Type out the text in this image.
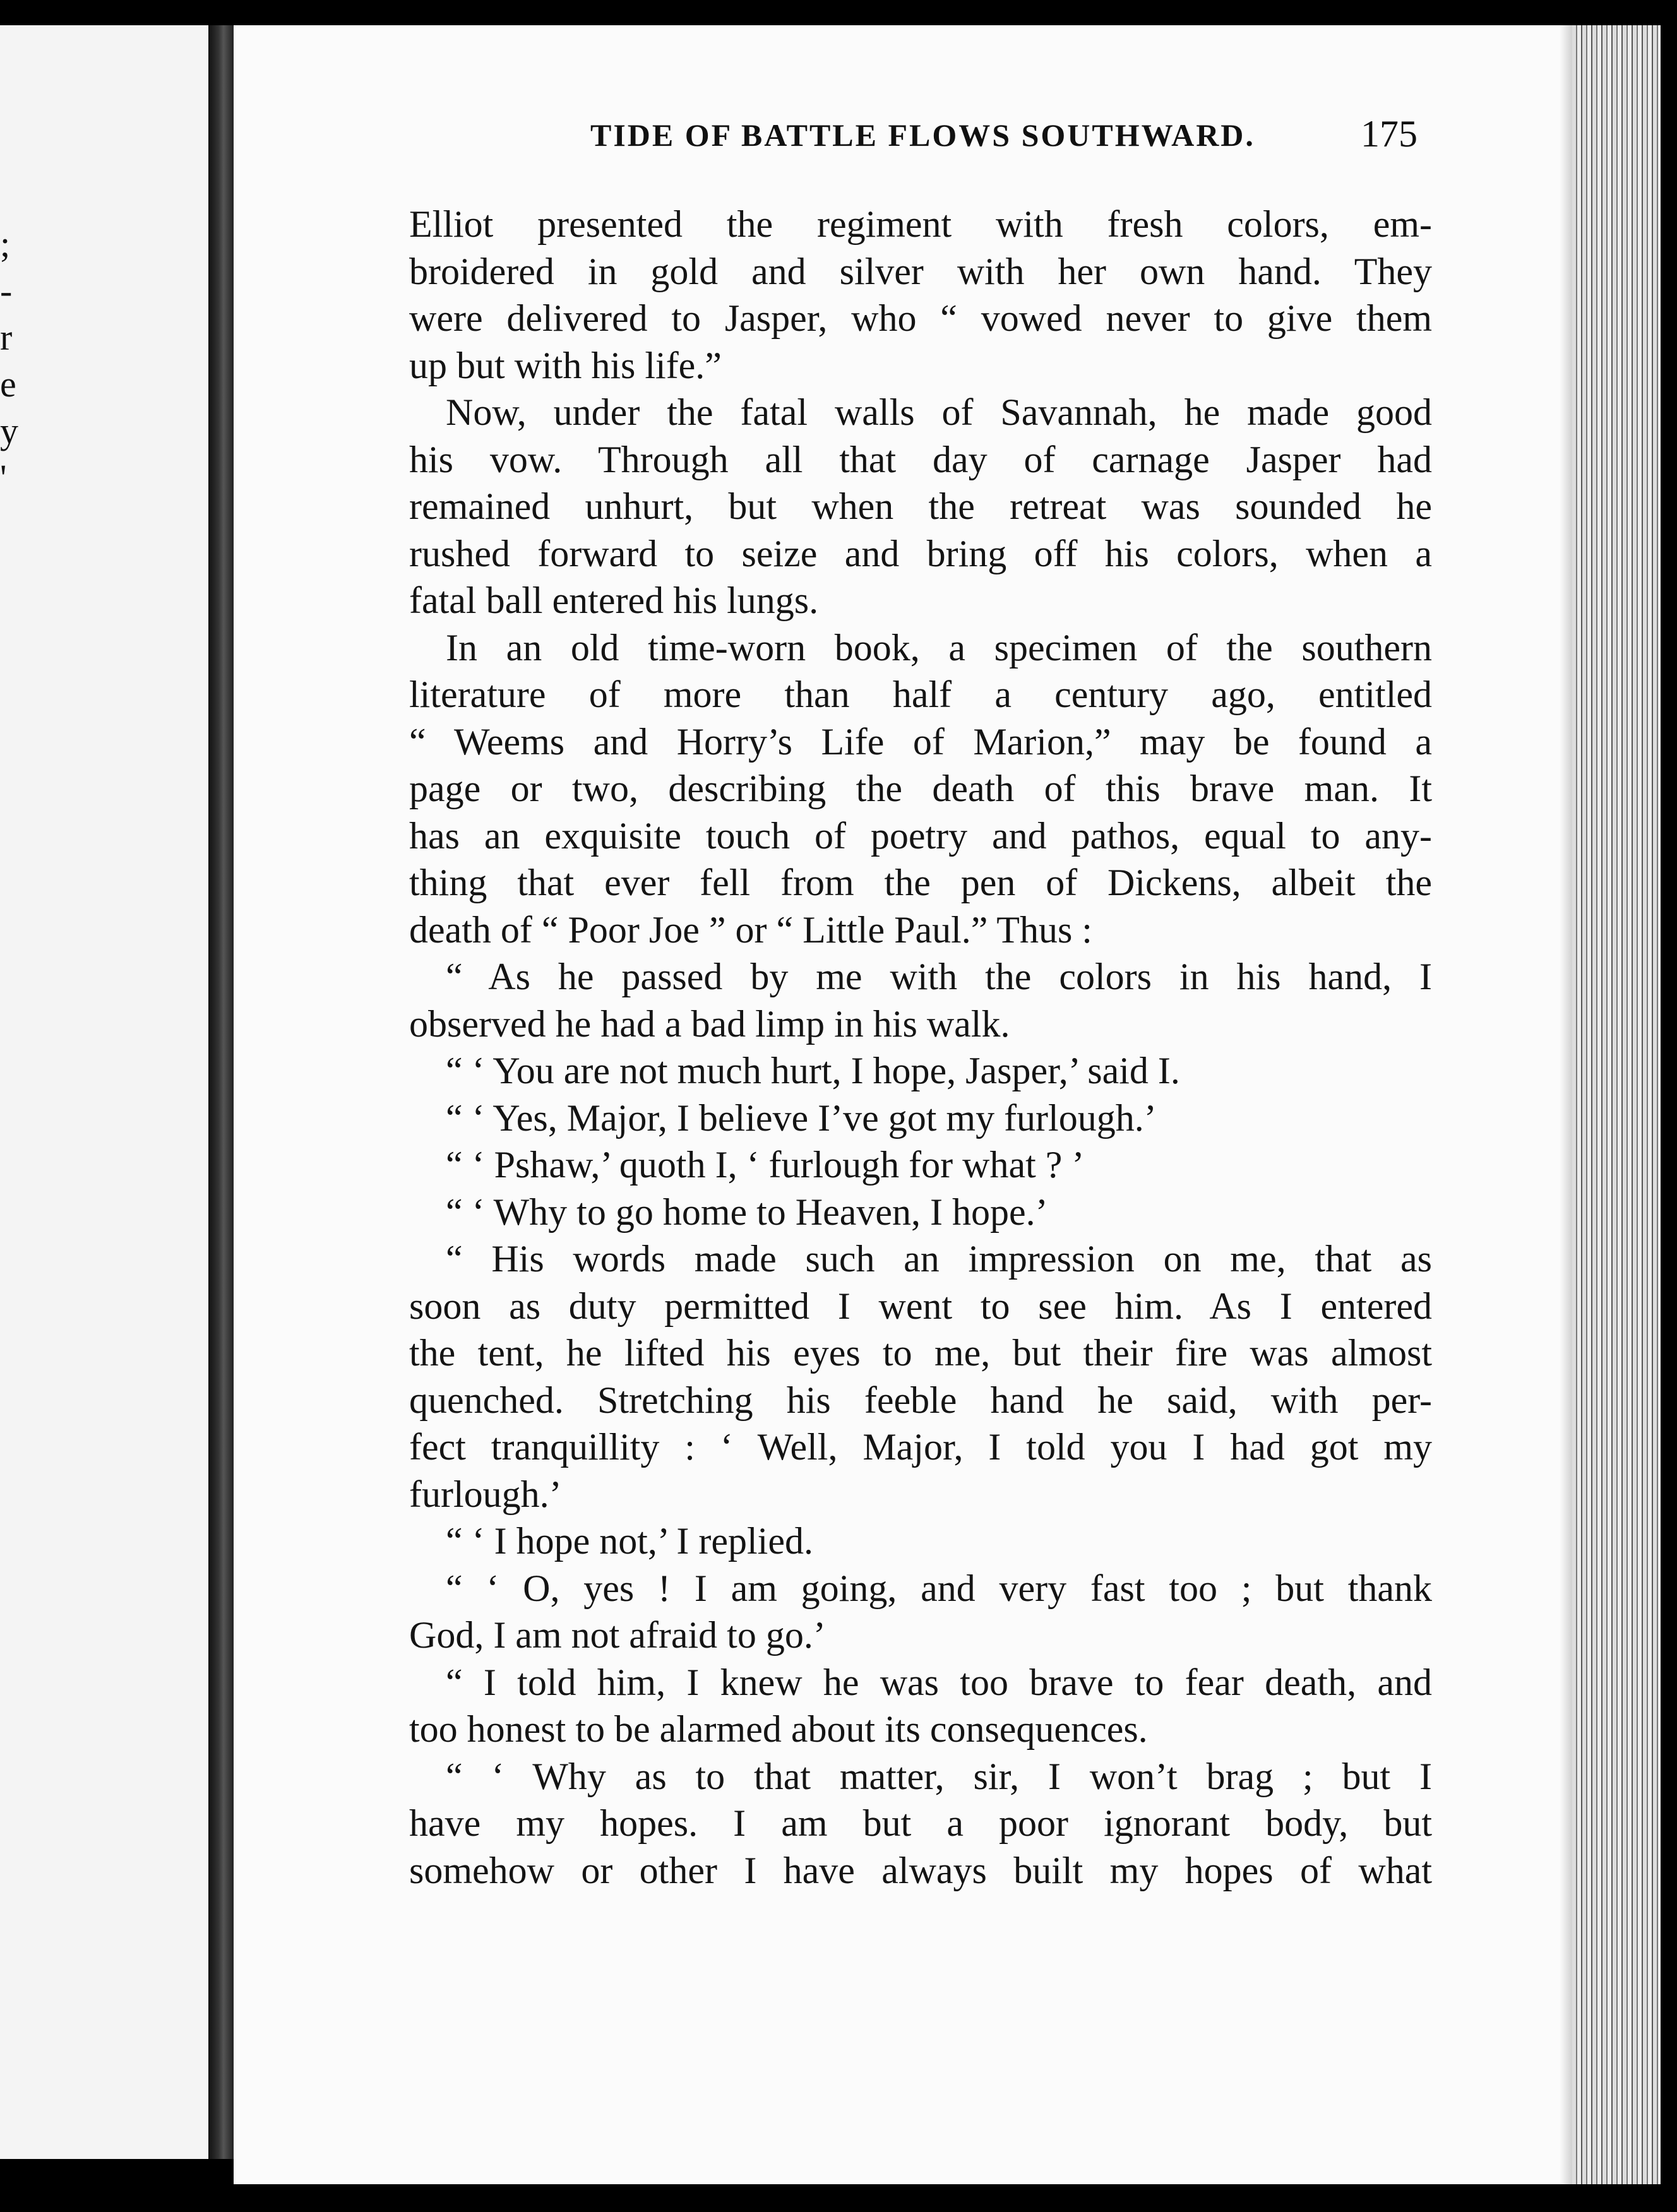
;
-
r
e
y
'
TIDE OF BATTLE FLOWS SOUTHWARD.	175
Elliot presented the regiment with fresh colors, em-
broidered in gold and silver with her own hand. They
were delivered to Jasper, who “ vowed never to give them
up but with his life.”
Now, under the fatal walls of Savannah, he made good
his vow. Through all that day of carnage Jasper had
remained unhurt, but when the retreat was sounded he
rushed forward to seize and bring off his colors, when a
fatal ball entered his lungs.
In an old time-worn book, a specimen of the southern
literature of more than half a century ago, entitled
“ Weems and Horry’s Life of Marion,” may be found a
page or two, describing the death of this brave man. It
has an exquisite touch of poetry and pathos, equal to any-
thing that ever fell from the pen of Dickens, albeit the
death of “ Poor Joe ” or “ Little Paul.” Thus :
“ As he passed by me with the colors in his hand, I
observed he had a bad limp in his walk.
“ ‘ You are not much hurt, I hope, Jasper,’ said I.
“ ‘ Yes, Major, I believe I’ve got my furlough.’
“ ‘ Pshaw,’ quoth I, ‘ furlough for what ? ’
“ ‘ Why to go home to Heaven, I hope.’
“ His words made such an impression on me, that as
soon as duty permitted I went to see him. As I entered
the tent, he lifted his eyes to me, but their fire was almost
quenched. Stretching his feeble hand he said, with per-
fect tranquillity : ‘ Well, Major, I told you I had got my
furlough.’
“ ‘ I hope not,’ I replied.
“ ‘ O, yes ! I am going, and very fast too ; but thank
God, I am not afraid to go.’
“ I told him, I knew he was too brave to fear death, and
too honest to be alarmed about its consequences.
“ ‘ Why as to that matter, sir, I won’t brag ; but I
have my hopes. I am but a poor ignorant body, but
somehow or other I have always built my hopes of what
